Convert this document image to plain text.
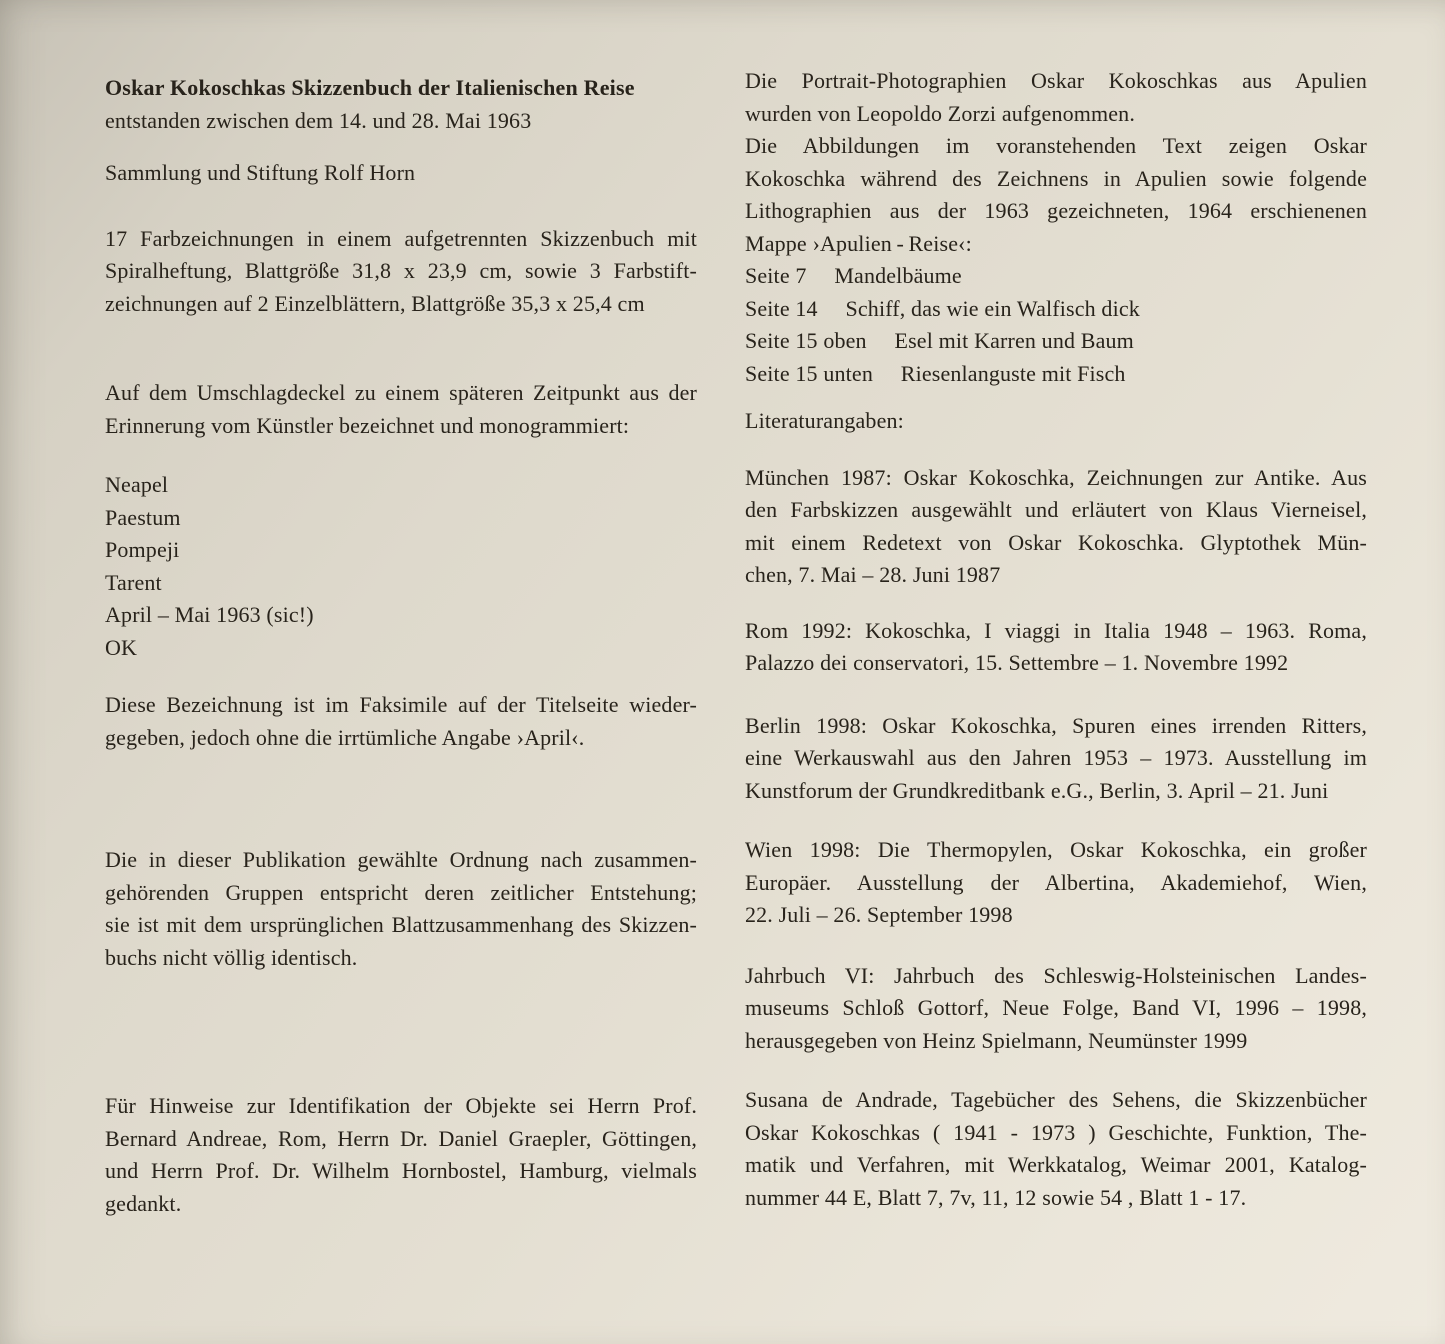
Oskar Kokoschkas Skizzenbuch der Italienischen Reise
entstanden zwischen dem 14. und 28. Mai 1963
Sammlung und Stiftung Rolf Horn
17 Farbzeichnungen in einem aufgetrennten Skizzenbuch mit
Spiralheftung, Blattgröße 31,8 x 23,9 cm, sowie 3 Farbstift-
zeichnungen auf 2 Einzelblättern, Blattgröße 35,3 x 25,4 cm
Auf dem Umschlagdeckel zu einem späteren Zeitpunkt aus der
Erinnerung vom Künstler bezeichnet und monogrammiert:
Neapel
Paestum
Pompeji
Tarent
April – Mai 1963 (sic!)
OK
Diese Bezeichnung ist im Faksimile auf der Titelseite wieder-
gegeben, jedoch ohne die irrtümliche Angabe ›April‹.
Die in dieser Publikation gewählte Ordnung nach zusammen-
gehörenden Gruppen entspricht deren zeitlicher Entstehung;
sie ist mit dem ursprünglichen Blattzusammenhang des Skizzen-
buchs nicht völlig identisch.
Für Hinweise zur Identifikation der Objekte sei Herrn Prof.
Bernard Andreae, Rom, Herrn Dr. Daniel Graepler, Göttingen,
und Herrn Prof. Dr. Wilhelm Hornbostel, Hamburg, vielmals
gedankt.
Die Portrait-Photographien Oskar Kokoschkas aus Apulien
wurden von Leopoldo Zorzi aufgenommen.
Die Abbildungen im voranstehenden Text zeigen Oskar
Kokoschka während des Zeichnens in Apulien sowie folgende
Lithographien aus der 1963 gezeichneten, 1964 erschienenen
Mappe ›Apulien - Reise‹:
Seite 7  Mandelbäume
Seite 14  Schiff, das wie ein Walfisch dick
Seite 15 oben  Esel mit Karren und Baum
Seite 15 unten  Riesenlanguste mit Fisch
Literaturangaben:
München 1987: Oskar Kokoschka, Zeichnungen zur Antike. Aus
den Farbskizzen ausgewählt und erläutert von Klaus Vierneisel,
mit einem Redetext von Oskar Kokoschka. Glyptothek Mün-
chen, 7. Mai – 28. Juni 1987
Rom 1992: Kokoschka, I viaggi in Italia 1948 – 1963. Roma,
Palazzo dei conservatori, 15. Settembre – 1. Novembre 1992
Berlin 1998: Oskar Kokoschka, Spuren eines irrenden Ritters,
eine Werkauswahl aus den Jahren 1953 – 1973. Ausstellung im
Kunstforum der Grundkreditbank e.G., Berlin, 3. April – 21. Juni
Wien 1998: Die Thermopylen, Oskar Kokoschka, ein großer
Europäer. Ausstellung der Albertina, Akademiehof, Wien,
22. Juli – 26. September 1998
Jahrbuch VI: Jahrbuch des Schleswig-Holsteinischen Landes-
museums Schloß Gottorf, Neue Folge, Band VI, 1996 – 1998,
herausgegeben von Heinz Spielmann, Neumünster 1999
Susana de Andrade, Tagebücher des Sehens, die Skizzenbücher
Oskar Kokoschkas ( 1941 - 1973 ) Geschichte, Funktion, The-
matik und Verfahren, mit Werkkatalog, Weimar 2001, Katalog-
nummer 44 E, Blatt 7, 7v, 11, 12 sowie 54 , Blatt 1 - 17.
